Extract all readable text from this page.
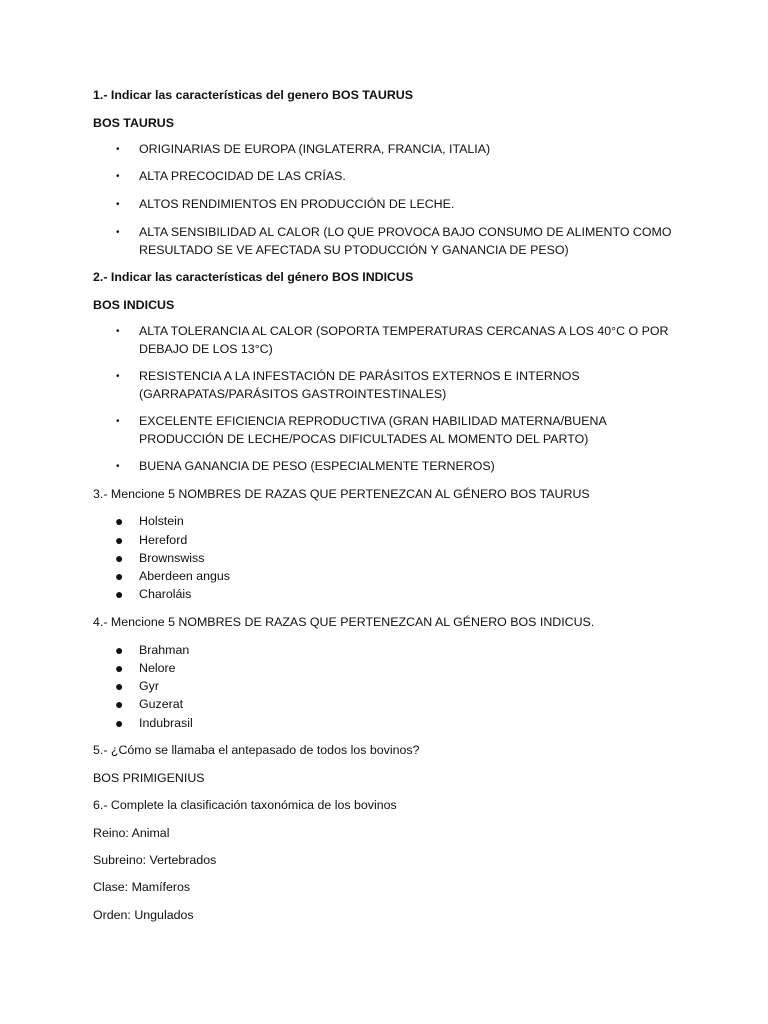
1.- Indicar las características del genero BOS TAURUS
BOS TAURUS
• ORIGINARIAS DE EUROPA (INGLATERRA, FRANCIA, ITALIA)
• ALTA PRECOCIDAD DE LAS CRÍAS.
• ALTOS RENDIMIENTOS EN PRODUCCIÓN DE LECHE.
• ALTA SENSIBILIDAD AL CALOR (LO QUE PROVOCA BAJO CONSUMO DE ALIMENTO COMO RESULTADO SE VE AFECTADA SU PTODUCCIÓN Y GANANCIA DE PESO)
2.- Indicar las características del género BOS INDICUS
BOS INDICUS
• ALTA TOLERANCIA AL CALOR (SOPORTA TEMPERATURAS CERCANAS A LOS 40°C O POR DEBAJO DE LOS 13°C)
• RESISTENCIA A LA INFESTACIÓN DE PARÁSITOS EXTERNOS E INTERNOS (GARRAPATAS/PARÁSITOS GASTROINTESTINALES)
• EXCELENTE EFICIENCIA REPRODUCTIVA (GRAN HABILIDAD MATERNA/BUENA PRODUCCIÓN DE LECHE/POCAS DIFICULTADES AL MOMENTO DEL PARTO)
• BUENA GANANCIA DE PESO (ESPECIALMENTE TERNEROS)
3.- Mencione 5 NOMBRES DE RAZAS QUE PERTENEZCAN AL GÉNERO BOS TAURUS
● Holstein
● Hereford
● Brownswiss
● Aberdeen angus
● Charoláis
4.- Mencione 5 NOMBRES DE RAZAS QUE PERTENEZCAN AL GÉNERO BOS INDICUS.
● Brahman
● Nelore
● Gyr
● Guzerat
● Indubrasil
5.- ¿Cómo se llamaba el antepasado de todos los bovinos?
BOS PRIMIGENIUS
6.- Complete la clasificación taxonómica de los bovinos
Reino: Animal
Subreino: Vertebrados
Clase: Mamíferos
Orden: Ungulados
